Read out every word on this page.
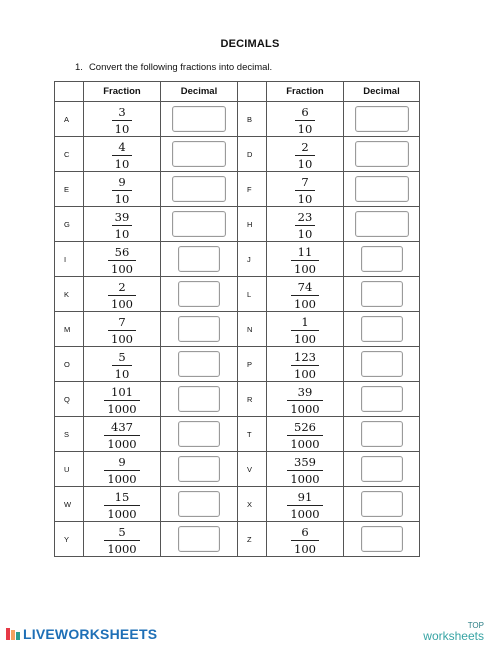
DECIMALS
1. Convert the following fractions into decimal.
	Fraction	Decimal		Fraction	Decimal
A	$\frac{3}{10}$		B	$\frac{6}{10}$

C	$\frac{4}{10}$		D	$\frac{2}{10}$

E	$\frac{9}{10}$		F	$\frac{7}{10}$

G	$\frac{39}{10}$		H	$\frac{23}{10}$

I	$\frac{56}{100}$		J	$\frac{11}{100}$

K	$\frac{2}{100}$		L	$\frac{74}{100}$

M	$\frac{7}{100}$		N	$\frac{1}{100}$

O	$\frac{5}{10}$		P	$\frac{123}{100}$

Q	$\frac{101}{1000}$		R	$\frac{39}{1000}$

S	$\frac{437}{1000}$		T	$\frac{526}{1000}$

U	$\frac{9}{1000}$		V	$\frac{359}{1000}$

W	$\frac{15}{1000}$		X	$\frac{91}{1000}$

Y	$\frac{5}{1000}$		Z	$\frac{6}{100}$

LIVEWORKSHEETS
TOP
worksheets
